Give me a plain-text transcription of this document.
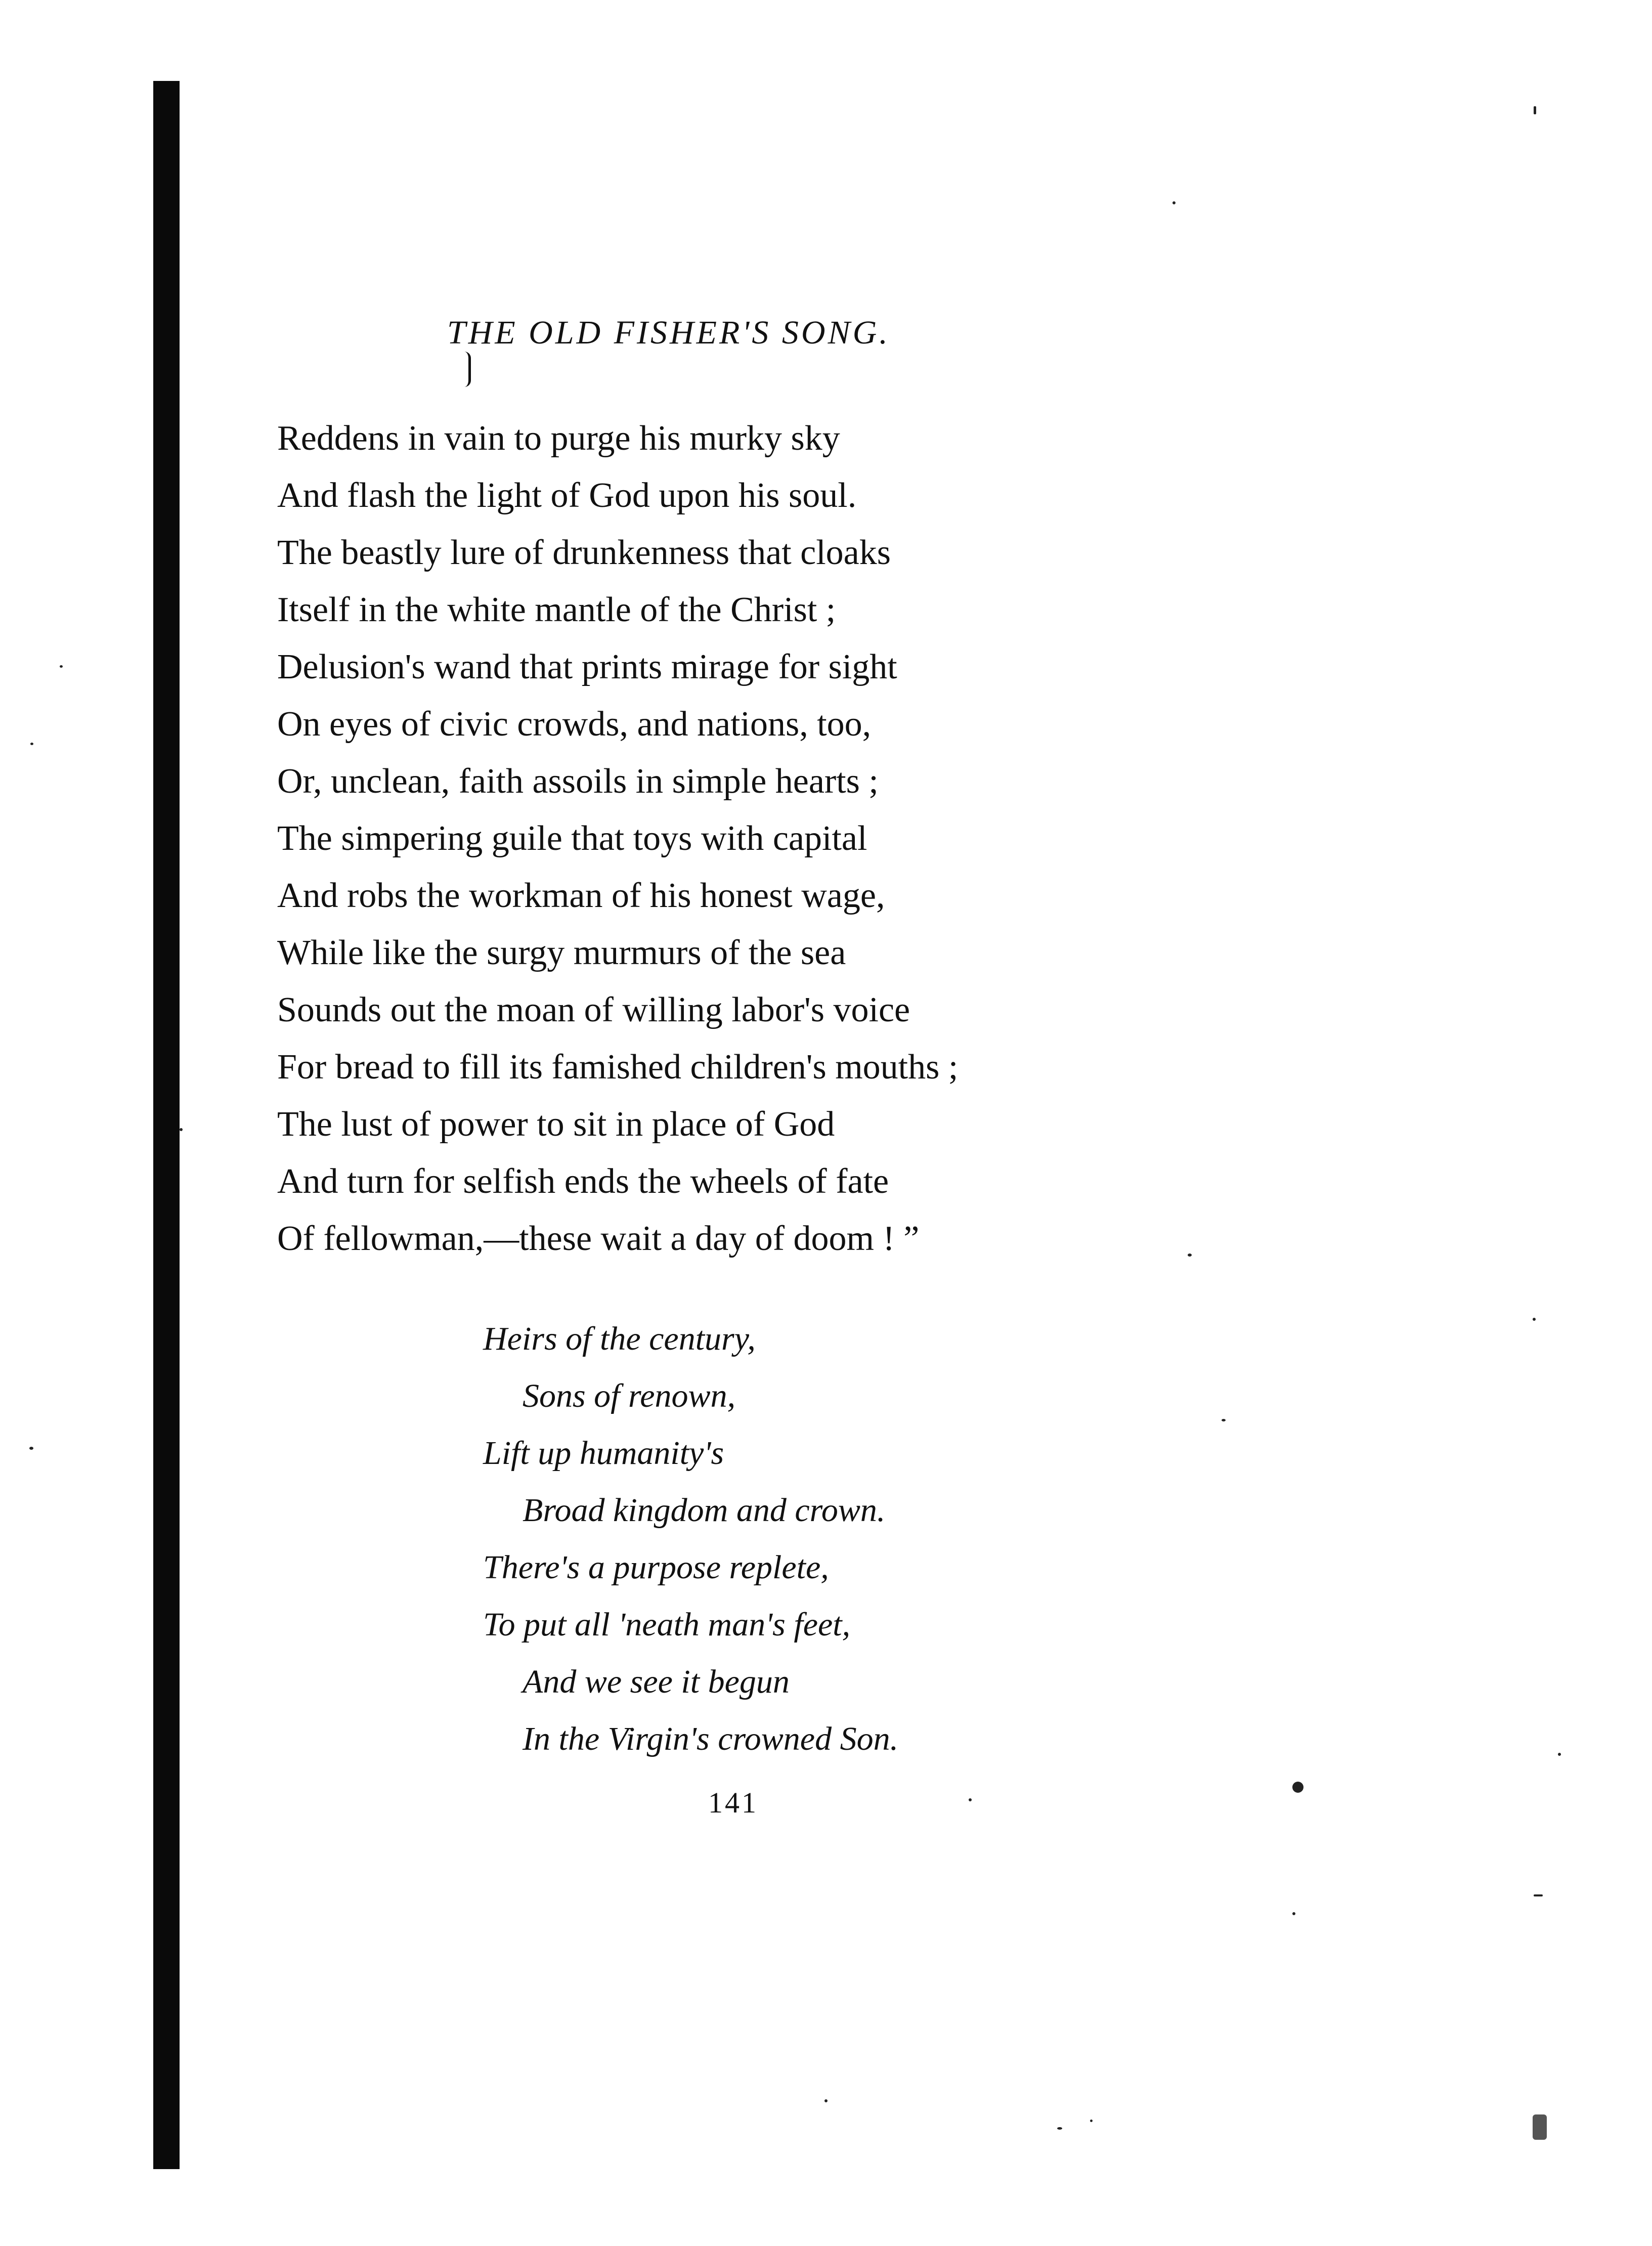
THE OLD FISHER'S SONG.
Reddens in vain to purge his murky sky
And flash the light of God upon his soul.
The beastly lure of drunkenness that cloaks
Itself in the white mantle of the Christ ;
Delusion's wand that prints mirage for sight
On eyes of civic crowds, and nations, too,
Or, unclean, faith assoils in simple hearts ;
The simpering guile that toys with capital
And robs the workman of his honest wage,
While like the surgy murmurs of the sea
Sounds out the moan of willing labor's voice
For bread to fill its famished children's mouths ;
The lust of power to sit in place of God
And turn for selfish ends the wheels of fate
Of fellowman,—these wait a day of doom ! ”
Heirs of the century,
Sons of renown,
Lift up humanity's
Broad kingdom and crown.
There's a purpose replete,
To put all 'neath man's feet,
And we see it begun
In the Virgin's crowned Son.
141
